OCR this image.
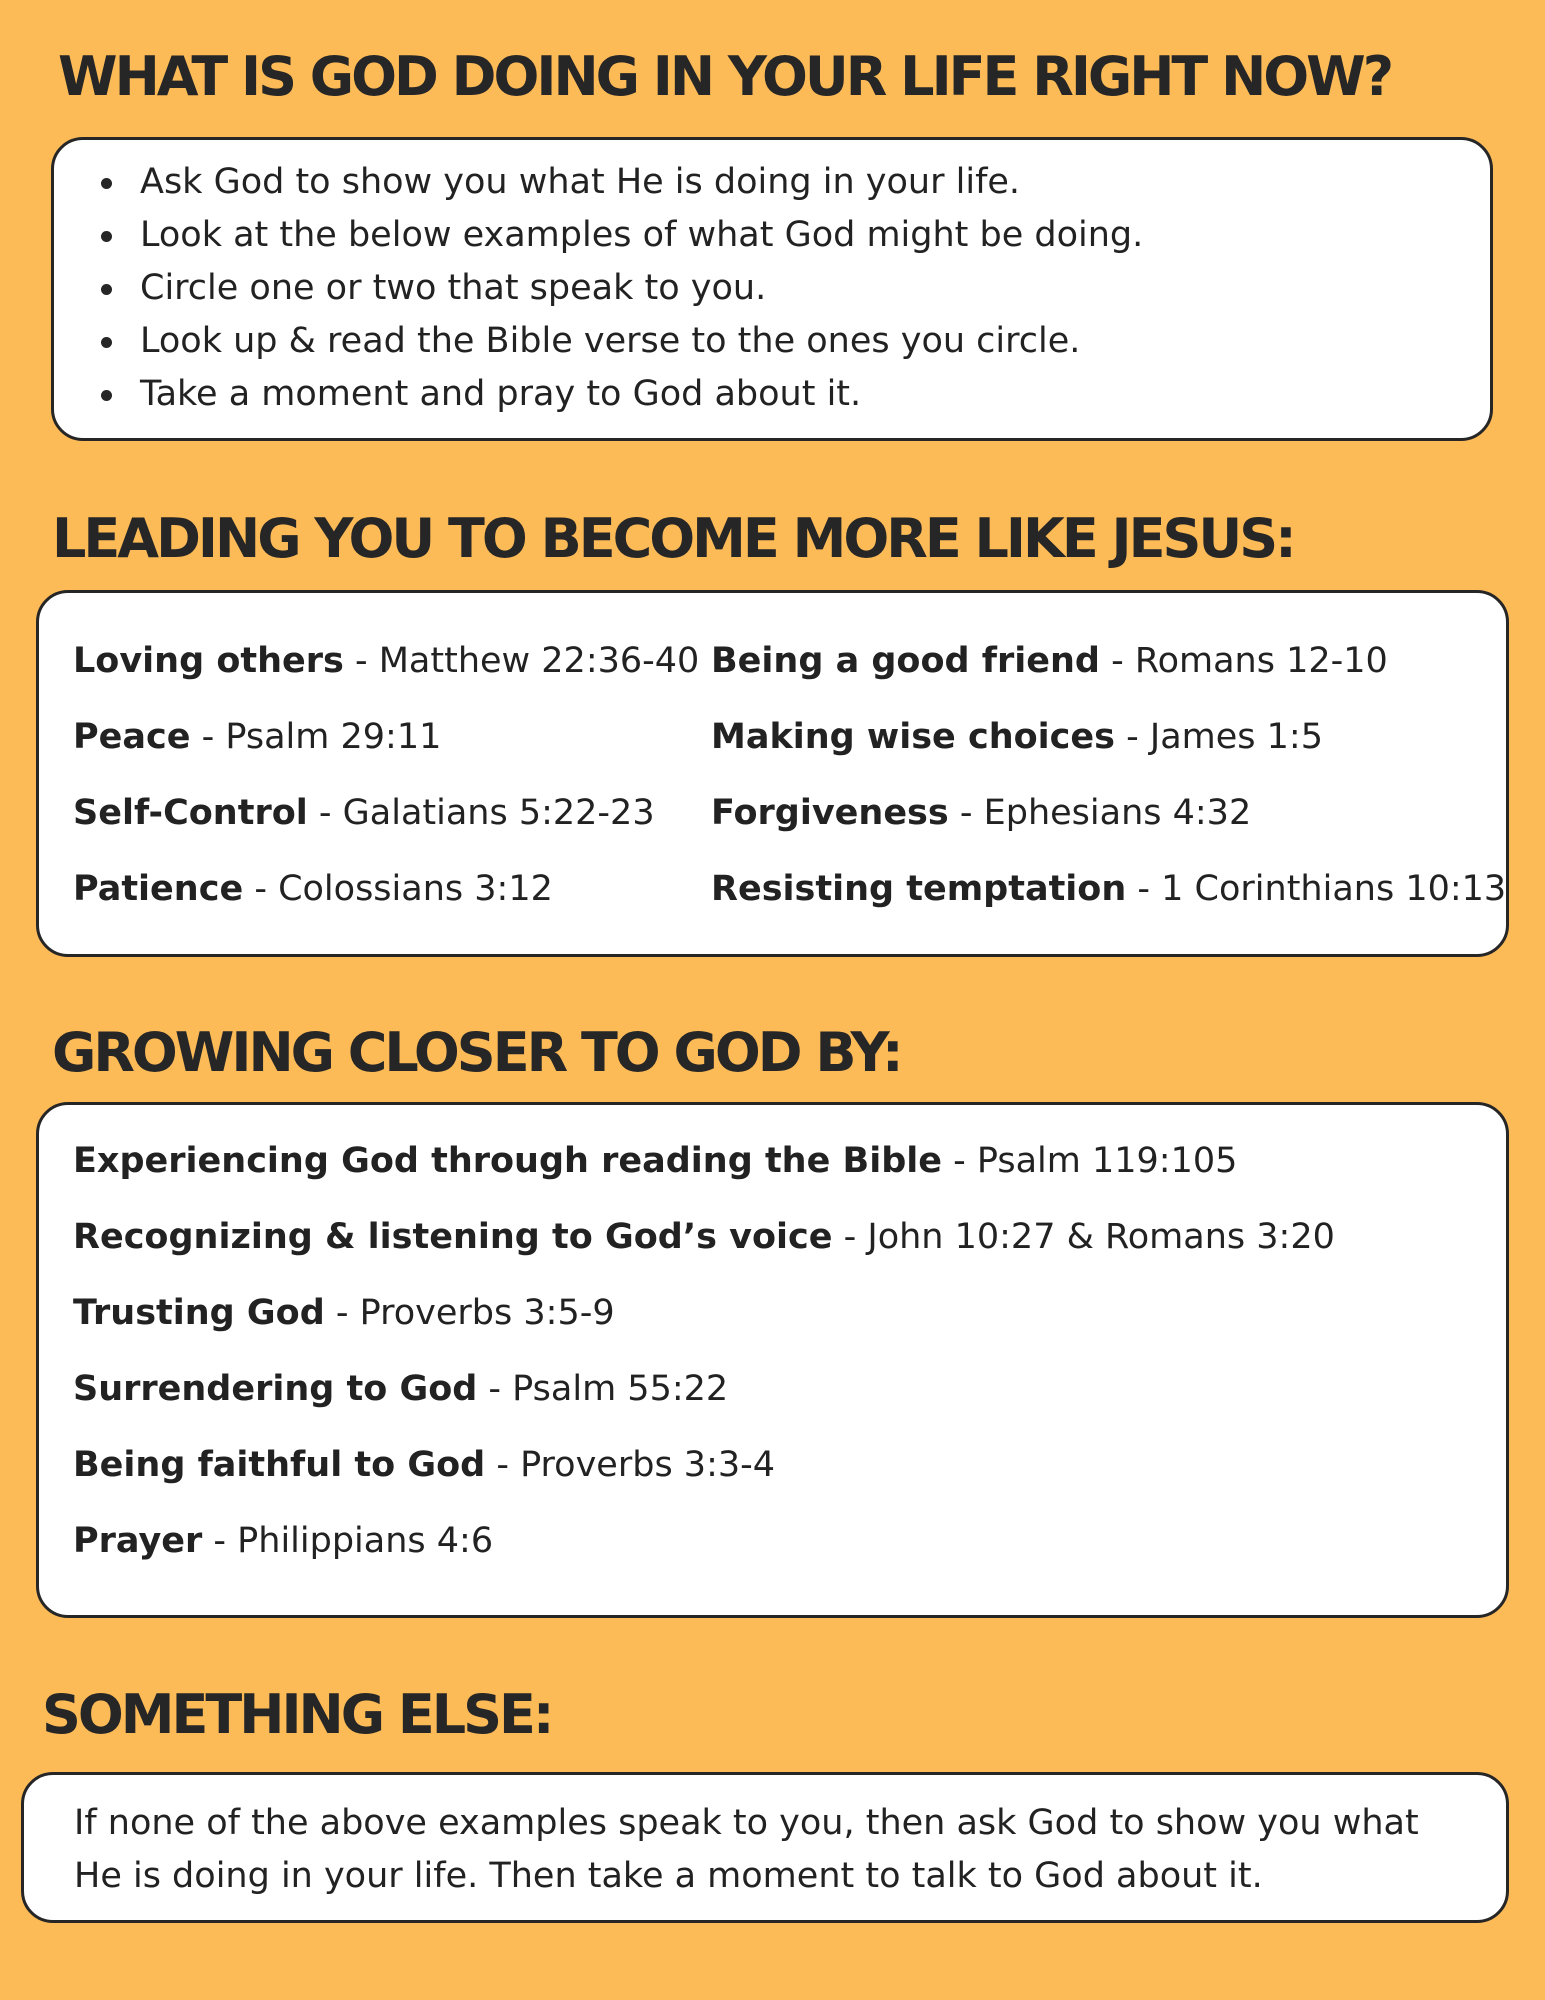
WHAT IS GOD DOING IN YOUR LIFE RIGHT NOW?
Ask God to show you what He is doing in your life.
Look at the below examples of what God might be doing.
Circle one or two that speak to you.
Look up & read the Bible verse to the ones you circle.
Take a moment and pray to God about it.
LEADING YOU TO BECOME MORE LIKE JESUS:
Loving others - Matthew 22:36-40
Peace - Psalm 29:11
Self-Control - Galatians 5:22-23
Patience - Colossians 3:12
Being a good friend - Romans 12-10
Making wise choices - James 1:5
Forgiveness - Ephesians 4:32
Resisting temptation - 1 Corinthians 10:13
GROWING CLOSER TO GOD BY:
Experiencing God through reading the Bible - Psalm 119:105
Recognizing & listening to God’s voice - John 10:27 & Romans 3:20
Trusting God - Proverbs 3:5-9
Surrendering to God - Psalm 55:22
Being faithful to God - Proverbs 3:3-4
Prayer - Philippians 4:6
SOMETHING ELSE:

If none of the above examples speak to you, then ask God to show you what He is doing in your life. Then take a moment to talk to God about it.
